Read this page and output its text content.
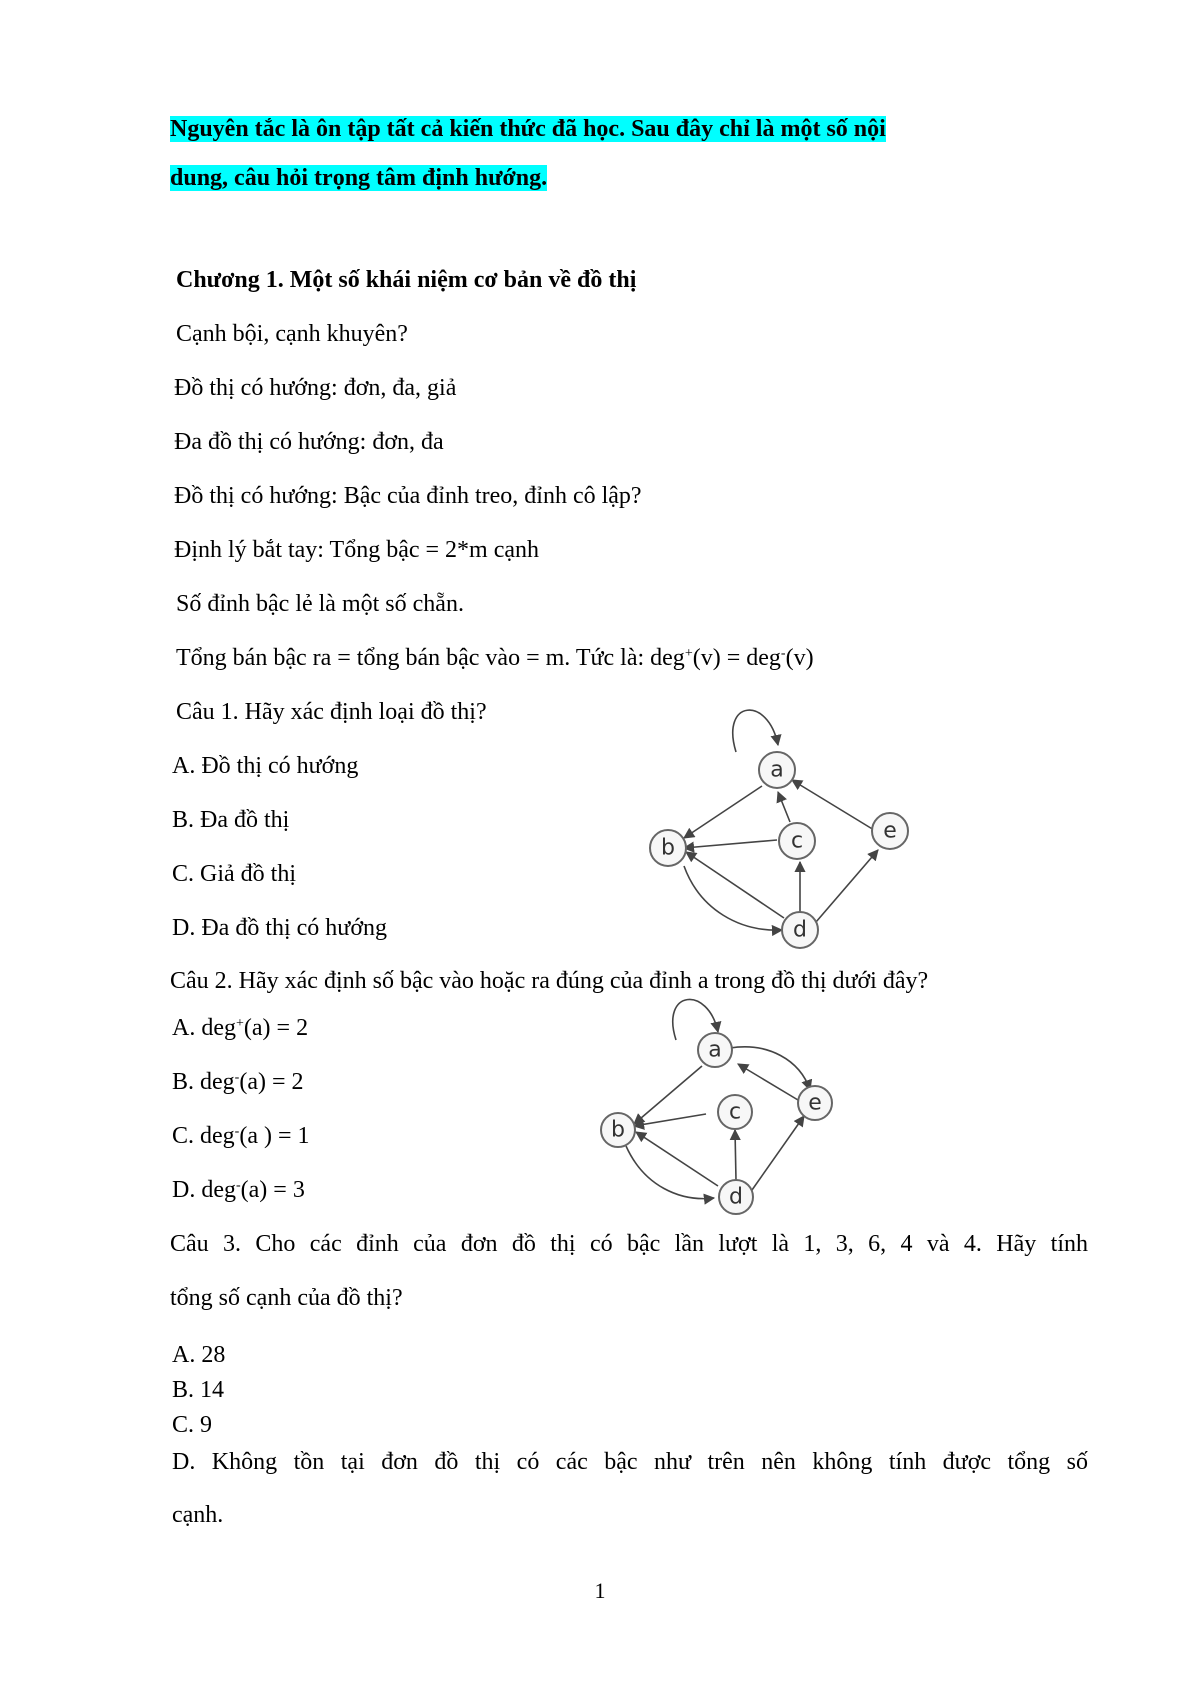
Nguyên tắc là ôn tập tất cả kiến thức đã học. Sau đây chỉ là một số nội
dung, câu hỏi trọng tâm định hướng.
Chương 1. Một số khái niệm cơ bản về đồ thị
Cạnh bội, cạnh khuyên?
Đồ thị có hướng: đơn, đa, giả
Đa đồ thị có hướng: đơn, đa
Đồ thị có hướng: Bậc của đỉnh treo, đỉnh cô lập?
Định lý bắt tay: Tổng bậc = 2*m cạnh
Số đỉnh bậc lẻ là một số chẵn.
Tổng bán bậc ra = tổng bán bậc vào = m. Tức là: deg+(v) = deg-(v)
Câu 1. Hãy xác định loại đồ thị?
A. Đồ thị có hướng
B. Đa đồ thị
C. Giả đồ thị
D. Đa đồ thị có hướng
a
b	c
d
e
Câu 2. Hãy xác định số bậc vào hoặc ra đúng của đỉnh a trong đồ thị dưới đây?
A. deg+(a) = 2
B. deg-(a) = 2
C. deg-(a ) = 1
D. deg-(a) = 3
a
b
c
d
e
Câu 3. Cho các đỉnh của đơn đồ thị có bậc lần lượt là 1, 3, 6, 4 và 4. Hãy tính
tổng số cạnh của đồ thị?
A. 28
B. 14
C. 9
D. Không tồn tại đơn đồ thị có các bậc như trên nên không tính được tổng số
cạnh.
1
